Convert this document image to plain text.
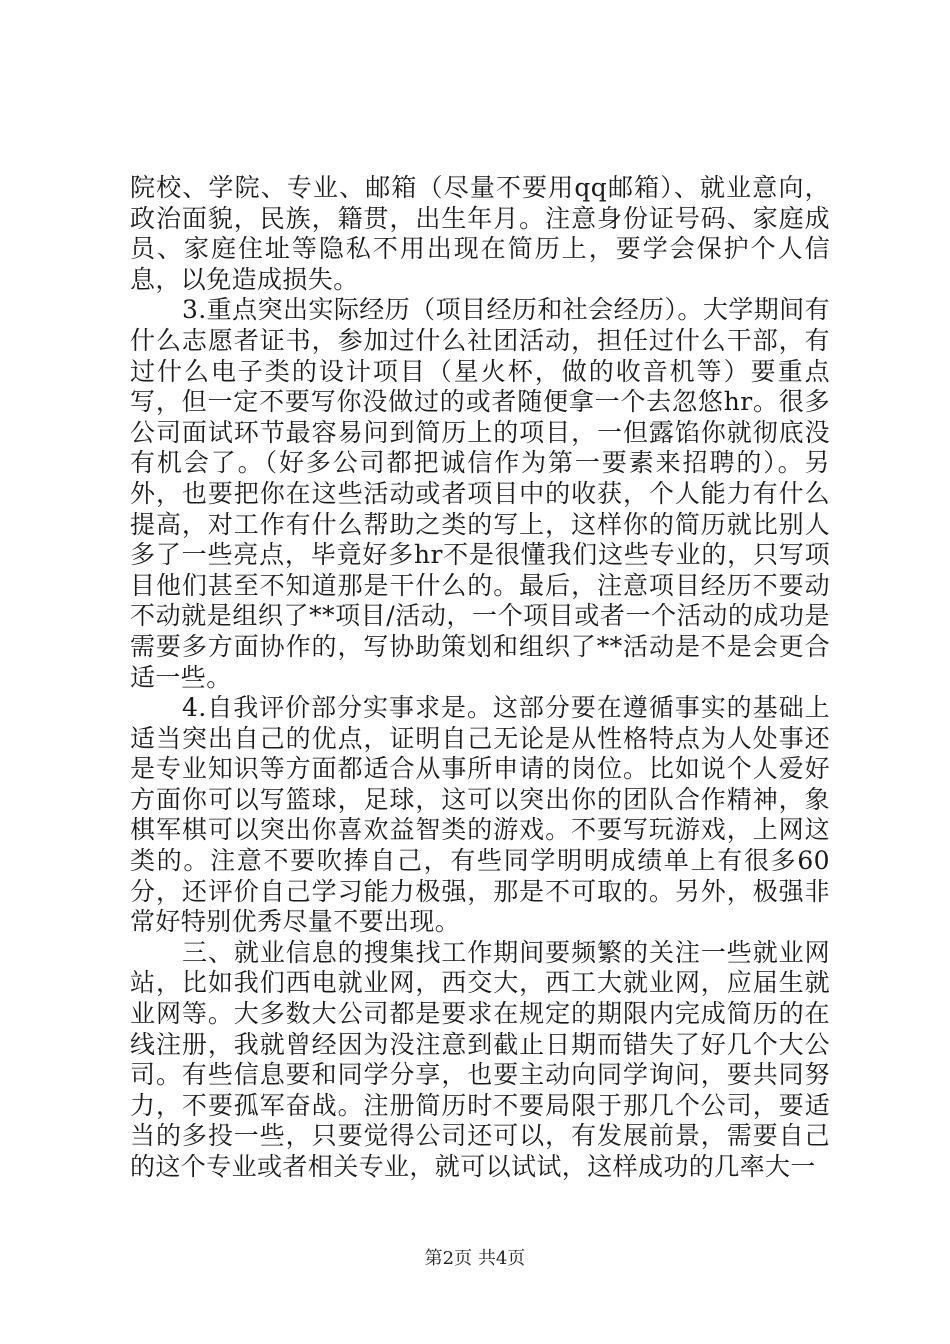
院校、学院、专业、邮箱（尽量不要用qq邮箱）、就业意向，政治面貌，民族，籍贯，出生年月。注意身份证号码、家庭成员、家庭住址等隐私不用出现在简历上，要学会保护个人信息，以免造成损失。

3.重点突出实际经历（项目经历和社会经历）。大学期间有什么志愿者证书，参加过什么社团活动，担任过什么干部，有过什么电子类的设计项目（星火杯，做的收音机等）要重点写，但一定不要写你没做过的或者随便拿一个去忽悠hr。很多公司面试环节最容易问到简历上的项目，一但露馅你就彻底没有机会了。（好多公司都把诚信作为第一要素来招聘的）。另外，也要把你在这些活动或者项目中的收获，个人能力有什么提高，对工作有什么帮助之类的写上，这样你的简历就比别人多了一些亮点，毕竟好多hr不是很懂我们这些专业的，只写项目他们甚至不知道那是干什么的。最后，注意项目经历不要动不动就是组织了**项目/活动，一个项目或者一个活动的成功是需要多方面协作的，写协助策划和组织了**活动是不是会更合适一些。

4.自我评价部分实事求是。这部分要在遵循事实的基础上适当突出自己的优点，证明自己无论是从性格特点为人处事还是专业知识等方面都适合从事所申请的岗位。比如说个人爱好方面你可以写篮球，足球，这可以突出你的团队合作精神，象棋军棋可以突出你喜欢益智类的游戏。不要写玩游戏，上网这类的。注意不要吹捧自己，有些同学明明成绩单上有很多60分，还评价自己学习能力极强，那是不可取的。另外，极强非常好特别优秀尽量不要出现。

三、就业信息的搜集找工作期间要频繁的关注一些就业网站，比如我们西电就业网，西交大，西工大就业网，应届生就业网等。大多数大公司都是要求在规定的期限内完成简历的在线注册，我就曾经因为没注意到截止日期而错失了好几个大公司。有些信息要和同学分享，也要主动向同学询问，要共同努力，不要孤军奋战。注册简历时不要局限于那几个公司，要适当的多投一些，只要觉得公司还可以，有发展前景，需要自己的这个专业或者相关专业，就可以试试，这样成功的几率大一

第2页 共4页
